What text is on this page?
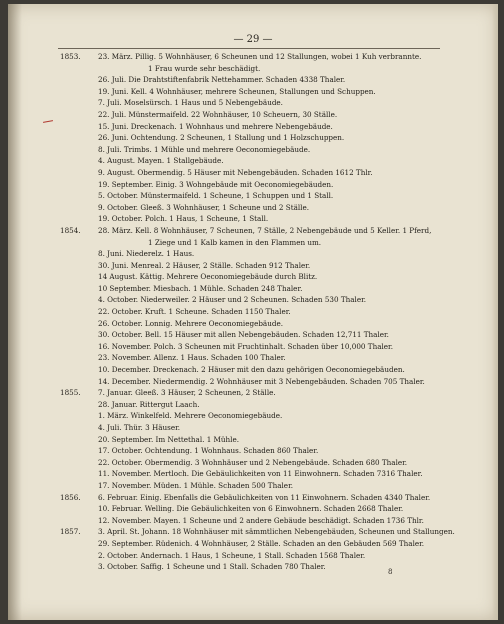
— 29 —
1853. 23. März. Pillig. 5 Wohnhäuser, 6 Scheunen und 12 Stallungen, wobei 1 Kuh verbrannte.
1 Frau wurde sehr beschädigt.
26. Juli. Die Drahtstiftenfabrik Nettehammer. Schaden 4338 Thaler.
19. Juni. Kell. 4 Wohnhäuser, mehrere Scheunen, Stallungen und Schuppen.
7. Juli. Moselsürsch. 1 Haus und 5 Nebengebäude.
22. Juli. Münstermaifeld. 22 Wohnhäuser, 10 Scheuern, 30 Ställe.
15. Juni. Dreckenach. 1 Wohnhaus und mehrere Nebengebäude.
26. Juni. Ochtendung. 2 Scheunen, 1 Stallung und 1 Holzschuppen.
8. Juli. Trimbs. 1 Mühle und mehrere Oeconomiegebäude.
4. August. Mayen. 1 Stallgebäude.
9. August. Obermendig. 5 Häuser mit Nebengebäuden. Schaden 1612 Thlr.
19. September. Einig. 3 Wohngebäude mit Oeconomiegebäuden.
5. October. Münstermaifeld. 1 Scheune, 1 Schuppen und 1 Stall.
9. October. Gleeß. 3 Wohnhäuser, 1 Scheune und 2 Ställe.
19. October. Polch. 1 Haus, 1 Scheune, 1 Stall.
1854. 28. März. Kell. 8 Wohnhäuser, 7 Scheunen, 7 Ställe, 2 Nebengebäude und 5 Keller. 1 Pferd,
1 Ziege und 1 Kalb kamen in den Flammen um.
8. Juni. Niederelz. 1 Haus.
30. Juni. Menreal. 2 Häuser, 2 Ställe. Schaden 912 Thaler.
14 August. Kättig. Mehrere Oeconomiegebäude durch Blitz.
10 September. Miesbach. 1 Mühle. Schaden 248 Thaler.
4. October. Niederweiler. 2 Häuser und 2 Scheunen. Schaden 530 Thaler.
22. October. Kruft. 1 Scheune. Schaden 1150 Thaler.
26. October. Lonnig. Mehrere Oeconomiegebäude.
30. October. Bell. 15 Häuser mit allen Nebengebäuden. Schaden 12,711 Thaler.
16. November. Polch. 3 Scheunen mit Fruchtinhalt. Schaden über 10,000 Thaler.
23. November. Allenz. 1 Haus. Schaden 100 Thaler.
10. December. Dreckenach. 2 Häuser mit den dazu gehörigen Oeconomiegebäuden.
14. December. Niedermendig. 2 Wohnhäuser mit 3 Nebengebäuden. Schaden 705 Thaler.
1855. 7. Januar. Gleeß. 3 Häuser, 2 Scheunen, 2 Ställe.
28. Januar. Rittergut Laach.
1. März. Winkelfeld. Mehrere Oeconomiegebäude.
4. Juli. Thür. 3 Häuser.
20. September. Im Nettethal. 1 Mühle.
17. October. Ochtendung. 1 Wohnhaus. Schaden 860 Thaler.
22. October. Obermendig. 3 Wohnhäuser und 2 Nebengebäude. Schaden 680 Thaler.
11. November. Mertloch. Die Gebäulichkeiten von 11 Einwohnern. Schaden 7316 Thaler.
17. November. Müden. 1 Mühle. Schaden 500 Thaler.
1856. 6. Februar. Einig. Ebenfalls die Gebäulichkeiten von 11 Einwohnern. Schaden 4340 Thaler.
10. Februar. Welling. Die Gebäulichkeiten von 6 Einwohnern. Schaden 2668 Thaler.
12. November. Mayen. 1 Scheune und 2 andere Gebäude beschädigt. Schaden 1736 Thlr.
1857. 3. April. St. Johann. 18 Wohnhäuser mit sämmtlichen Nebengebäuden, Scheunen und Stallungen.
29. September. Rüdenich. 4 Wohnhäuser, 2 Ställe. Schaden an den Gebäuden 569 Thaler.
2. October. Andernach. 1 Haus, 1 Scheune, 1 Stall. Schaden 1568 Thaler.
3. October. Saffig. 1 Scheune und 1 Stall. Schaden 780 Thaler.
8
